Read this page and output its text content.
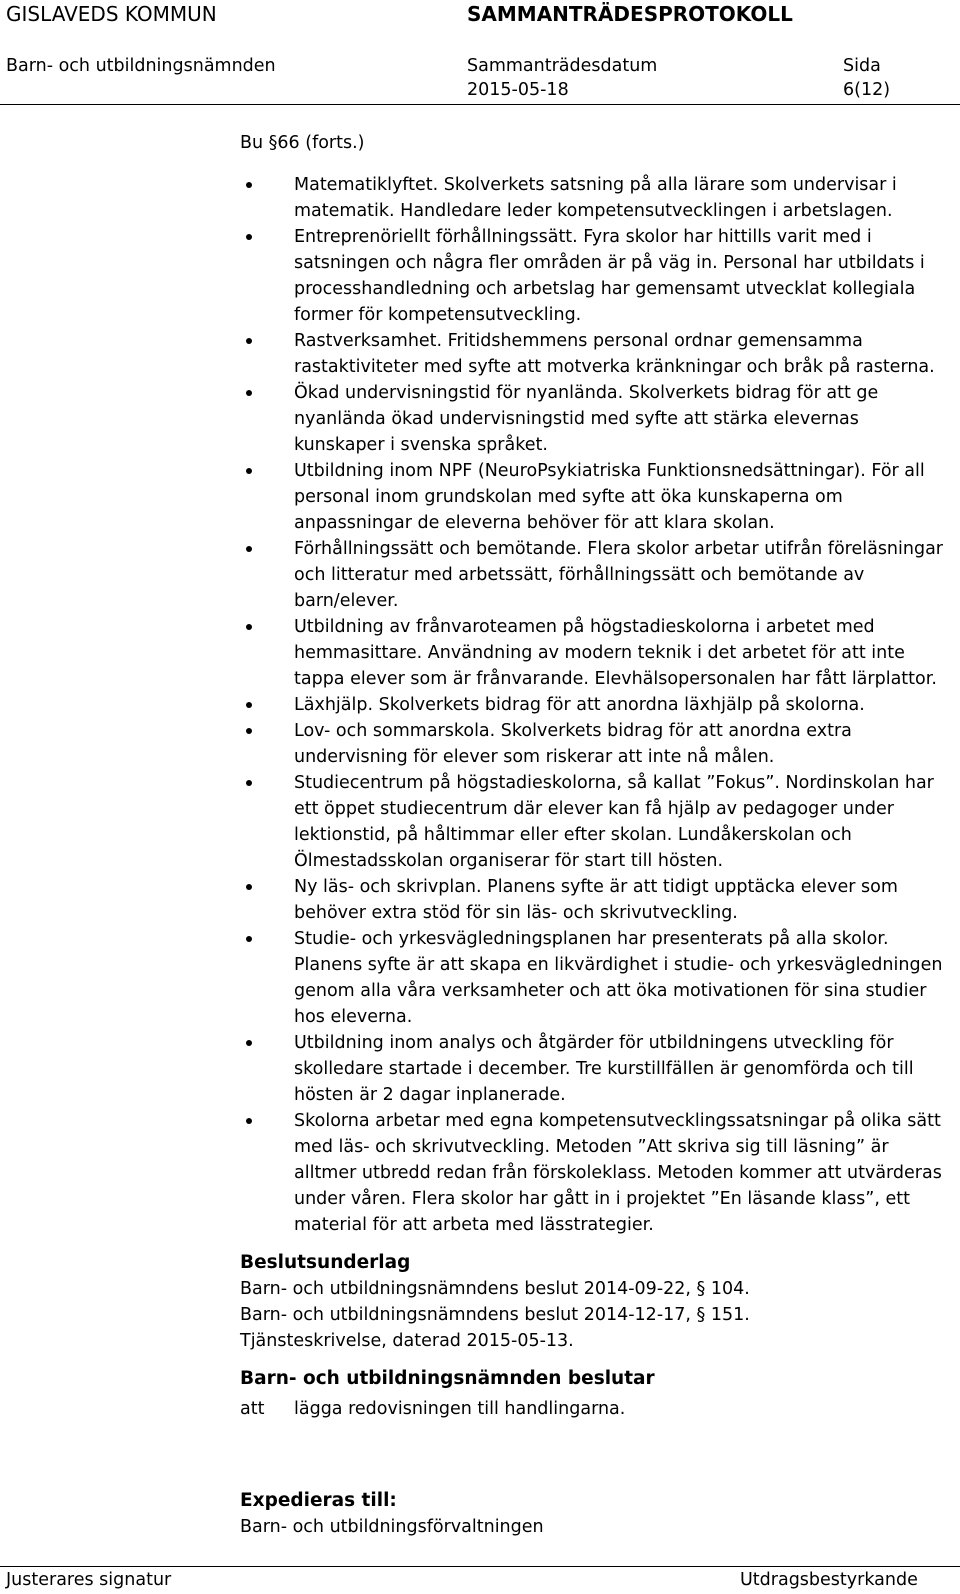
GISLAVEDS KOMMUN	SAMMANTRÄDESPROTOKOLL
Barn- och utbildningsnämnden	Sammanträdesdatum	Sida
2015-05-18	6(12)
Bu §66 (forts.)
Matematiklyftet. Skolverkets satsning på alla lärare som undervisar i matematik. Handledare leder kompetensutvecklingen i arbetslagen.
Entreprenöriellt förhållningssätt. Fyra skolor har hittills varit med i satsningen och några fler områden är på väg in. Personal har utbildats i processhandledning och arbetslag har gemensamt utvecklat kollegiala former för kompetensutveckling.
Rastverksamhet. Fritidshemmens personal ordnar gemensamma rastaktiviteter med syfte att motverka kränkningar och bråk på rasterna.
Ökad undervisningstid för nyanlända. Skolverkets bidrag för att ge nyanlända ökad undervisningstid med syfte att stärka elevernas kunskaper i svenska språket.
Utbildning inom NPF (NeuroPsykiatriska Funktionsnedsättningar). För all personal inom grundskolan med syfte att öka kunskaperna om anpassningar de eleverna behöver för att klara skolan.
Förhållningssätt och bemötande. Flera skolor arbetar utifrån föreläsningar och litteratur med arbetssätt, förhållningssätt och bemötande av barn/elever.
Utbildning av frånvaroteamen på högstadieskolorna i arbetet med hemmasittare. Användning av modern teknik i det arbetet för att inte tappa elever som är frånvarande. Elevhälsopersonalen har fått lärplattor.
Läxhjälp. Skolverkets bidrag för att anordna läxhjälp på skolorna.
Lov- och sommarskola. Skolverkets bidrag för att anordna extra undervisning för elever som riskerar att inte nå målen.
Studiecentrum på högstadieskolorna, så kallat ”Fokus”. Nordinskolan har ett öppet studiecentrum där elever kan få hjälp av pedagoger under lektionstid, på håltimmar eller efter skolan. Lundåkerskolan och Ölmestadsskolan organiserar för start till hösten.
Ny läs- och skrivplan. Planens syfte är att tidigt upptäcka elever som behöver extra stöd för sin läs- och skrivutveckling.
Studie- och yrkesvägledningsplanen har presenterats på alla skolor. Planens syfte är att skapa en likvärdighet i studie- och yrkesvägledningen genom alla våra verksamheter och att öka motivationen för sina studier hos eleverna.
Utbildning inom analys och åtgärder för utbildningens utveckling för skolledare startade i december. Tre kurstillfällen är genomförda och till hösten är 2 dagar inplanerade.
Skolorna arbetar med egna kompetensutvecklingssatsningar på olika sätt med läs- och skrivutveckling. Metoden ”Att skriva sig till läsning” är alltmer utbredd redan från förskoleklass. Metoden kommer att utvärderas under våren. Flera skolor har gått in i projektet ”En läsande klass”, ett material för att arbeta med lässtrategier.
Beslutsunderlag
Barn- och utbildningsnämndens beslut 2014-09-22, § 104.
Barn- och utbildningsnämndens beslut 2014-12-17, § 151.
Tjänsteskrivelse, daterad 2015-05-13.
Barn- och utbildningsnämnden beslutar
att	lägga redovisningen till handlingarna.
Expedieras till:
Barn- och utbildningsförvaltningen
Justerares signatur	Utdragsbestyrkande
